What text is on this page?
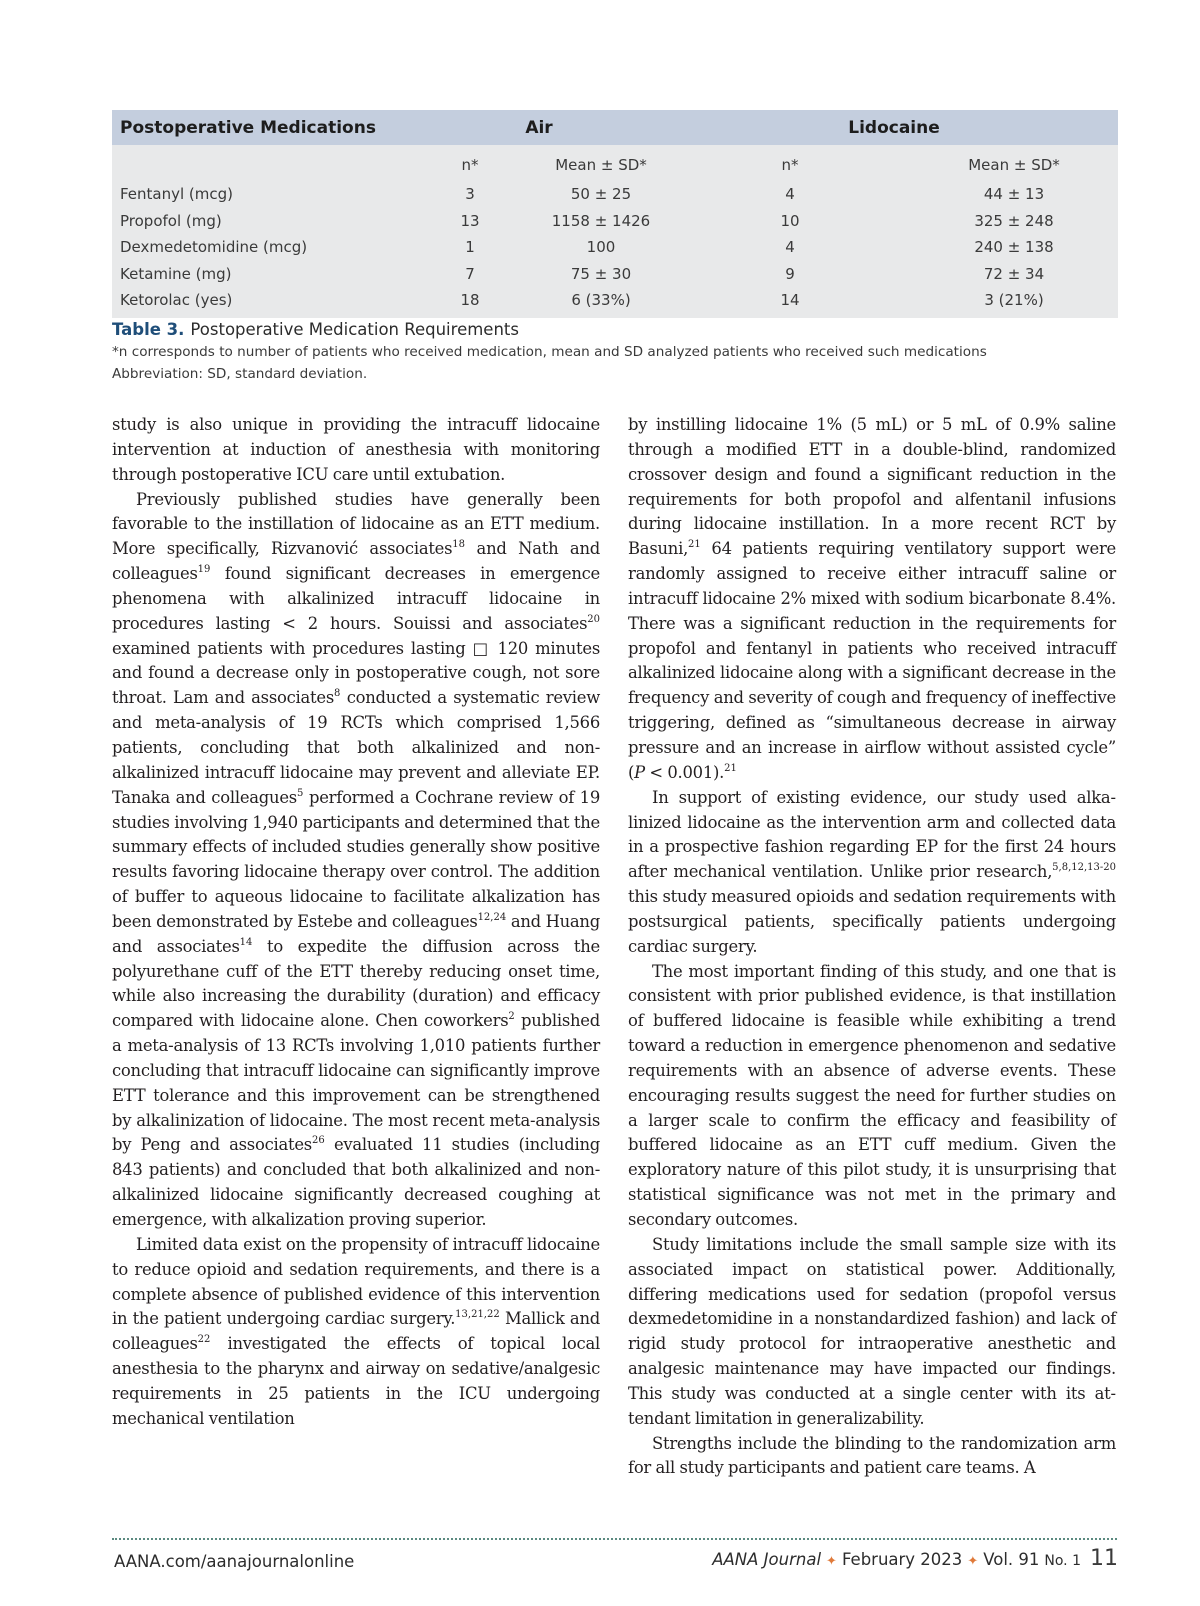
Postoperative Medications	Air		Lidocaine	
	n*	Mean ± SD*	n*	Mean ± SD*
Fentanyl (mcg)	3	50 ± 25	4	44 ± 13
Propofol (mg)	13	1158 ± 1426	10	325 ± 248
Dexmedetomidine (mcg)	1	100	4	240 ± 138
Ketamine (mg)	7	75 ± 30	9	72 ± 34
Ketorolac (yes)	18	6 (33%)	14	3 (21%)
Table 3. Postoperative Medication Requirements
*n corresponds to number of patients who received medication, mean and SD analyzed patients who received such medications
Abbreviation: SD, standard deviation.

study is also unique in providing the intracuff lidocaine intervention at induction of anesthesia with monitoring through postoperative ICU care until extubation.

Previously published studies have generally been favorable to the instillation of lidocaine as an ETT medium. More specifically, Rizvanović associates$^{18}$ and Nath and colleagues$^{19}$ found significant decreases in emergence phenomena with alkalinized intracuff lidocaine in procedures lasting < 2 hours. Souissi and associates$^{20}$ examined patients with procedures lasting □ 120 minutes and found a decrease only in postoperative cough, not sore throat. Lam and associates$^8$ conducted a systematic review and meta-analysis of 19 RCTs which comprised 1,566 patients, concluding that both alkalinized and non-alkalinized intracuff lidocaine may prevent and alleviate EP. Tanaka and colleagues$^5$ performed a Cochrane review of 19 studies involving 1,940 participants and determined that the summary effects of included studies generally show positive results favoring lidocaine therapy over control. The addition of buffer to aqueous lidocaine to facilitate alkalization has been demonstrated by Estebe and colleagues$^{12,24}$ and Huang and associates$^{14}$ to expedite the diffusion across the polyurethane cuff of the ETT thereby reducing onset time, while also increasing the durability (duration) and efficacy compared with lidocaine alone. Chen coworkers$^2$ published a meta-analysis of 13 RCTs involving 1,010 patients further concluding that intracuff lidocaine can significantly improve ETT tolerance and this improvement can be strengthened by alkalinization of lidocaine. The most recent meta-analysis by Peng and associates$^{26}$ evaluated 11 studies (including 843 patients) and concluded that both alkalinized and non-alkalinized lidocaine significantly decreased coughing at emergence, with alkalization proving superior.

Limited data exist on the propensity of intracuff lidocaine to reduce opioid and sedation requirements, and there is a complete absence of published evidence of this intervention in the patient undergoing cardiac surgery.$^{13,21,22}$ Mallick and colleagues$^{22}$ investigated the effects of topical local anesthesia to the pharynx and airway on sedative/analgesic requirements in 25 patients in the ICU undergoing mechanical ventilation

by instilling lidocaine 1% (5 mL) or 5 mL of 0.9% saline through a modified ETT in a double-blind, randomized crossover design and found a significant reduction in the requirements for both propofol and alfentanil infusions during lidocaine instillation. In a more recent RCT by Basuni,$^{21}$ 64 patients requiring ventilatory support were randomly assigned to receive either intracuff saline or intracuff lidocaine 2% mixed with sodium bicarbonate 8.4%. There was a significant reduction in the requirements for propofol and fentanyl in patients who received intracuff alkalinized lidocaine along with a significant decrease in the frequency and severity of cough and frequency of ineffective triggering, defined as “simultaneous decrease in airway pressure and an increase in airflow without assisted cycle” (P < 0.001).$^{21}$

In support of existing evidence, our study used alkalinized lidocaine as the intervention arm and collected data in a prospective fashion regarding EP for the first 24 hours after mechanical ventilation. Unlike prior research,$^{5,8,12,13-20}$ this study measured opioids and sedation requirements with postsurgical patients, specifically patients undergoing cardiac surgery.

The most important finding of this study, and one that is consistent with prior published evidence, is that instillation of buffered lidocaine is feasible while exhibiting a trend toward a reduction in emergence phenomenon and sedative requirements with an absence of adverse events. These encouraging results suggest the need for further studies on a larger scale to confirm the efficacy and feasibility of buffered lidocaine as an ETT cuff medium. Given the exploratory nature of this pilot study, it is unsurprising that statistical significance was not met in the primary and secondary outcomes.

Study limitations include the small sample size with its associated impact on statistical power. Additionally, differing medications used for sedation (propofol versus dexmedetomidine in a nonstandardized fashion) and lack of rigid study protocol for intraoperative anesthetic and analgesic maintenance may have impacted our findings. This study was conducted at a single center with its attendant limitation in generalizability.

Strengths include the blinding to the randomization arm for all study participants and patient care teams. A

AANA.com/aanajournalonline	AANA Journal ✦ February 2023 ✦ Vol. 91 No. 1 11
